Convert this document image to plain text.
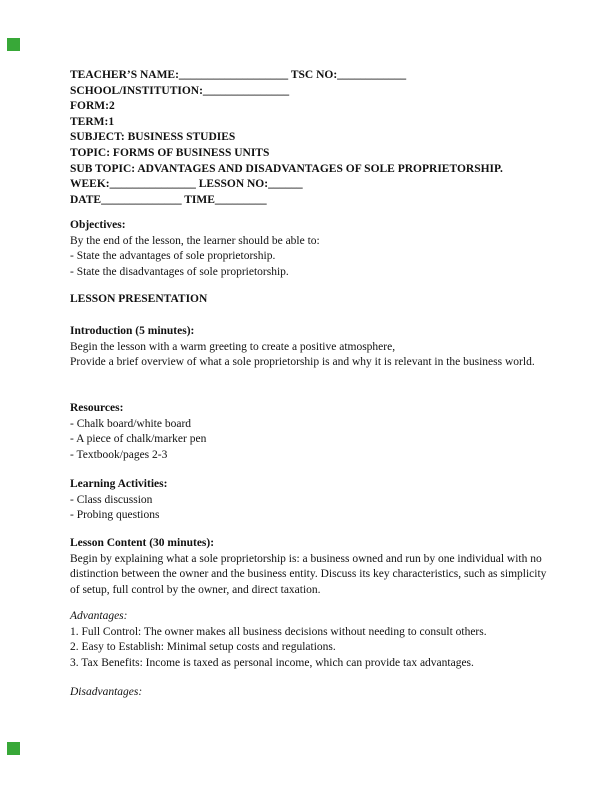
TEACHER’S NAME:___________________ TSC NO:____________
SCHOOL/INSTITUTION:_______________
FORM:2
TERM:1
SUBJECT: BUSINESS STUDIES
TOPIC: FORMS OF BUSINESS UNITS
SUB TOPIC: ADVANTAGES AND DISADVANTAGES OF SOLE PROPRIETORSHIP.
WEEK:_______________ LESSON NO:______
DATE______________ TIME_________
Objectives:
By the end of the lesson, the learner should be able to:
- State the advantages of sole proprietorship.
- State the disadvantages of sole proprietorship.
LESSON PRESENTATION
Introduction (5 minutes):
Begin the lesson with a warm greeting to create a positive atmosphere,
Provide a brief overview of what a sole proprietorship is and why it is relevant in the business world.
Resources:
- Chalk board/white board
- A piece of chalk/marker pen
- Textbook/pages 2-3
Learning Activities:
- Class discussion
- Probing questions
Lesson Content (30 minutes):
Begin by explaining what a sole proprietorship is: a business owned and run by one individual with no distinction between the owner and the business entity. Discuss its key characteristics, such as simplicity of setup, full control by the owner, and direct taxation.
Advantages:
1. Full Control: The owner makes all business decisions without needing to consult others.
2. Easy to Establish: Minimal setup costs and regulations.
3. Tax Benefits: Income is taxed as personal income, which can provide tax advantages.
Disadvantages:
